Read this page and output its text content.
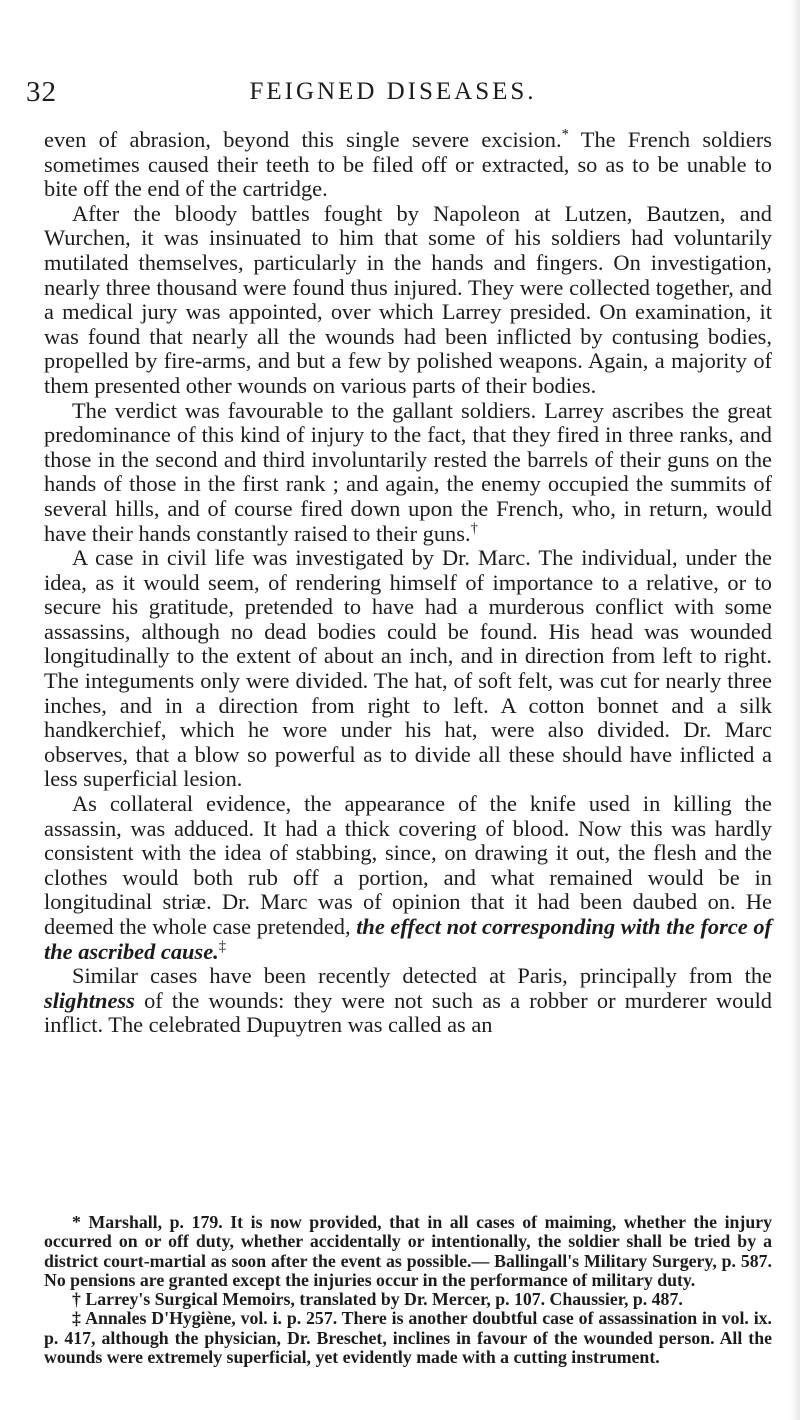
32	FEIGNED DISEASES.

even of abrasion, beyond this single severe excision.* The French soldiers sometimes caused their teeth to be filed off or extracted, so as to be unable to bite off the end of the cartridge.

After the bloody battles fought by Napoleon at Lutzen, Bautzen, and Wurchen, it was insinuated to him that some of his soldiers had voluntarily mutilated themselves, particularly in the hands and fingers. On investigation, nearly three thousand were found thus injured. They were collected together, and a medical jury was appointed, over which Larrey presided. On examination, it was found that nearly all the wounds had been inflicted by contusing bodies, propelled by fire-arms, and but a few by polished weapons. Again, a majority of them presented other wounds on various parts of their bodies.

The verdict was favourable to the gallant soldiers. Larrey ascribes the great predominance of this kind of injury to the fact, that they fired in three ranks, and those in the second and third involuntarily rested the barrels of their guns on the hands of those in the first rank ; and again, the enemy occupied the summits of several hills, and of course fired down upon the French, who, in return, would have their hands constantly raised to their guns.†

A case in civil life was investigated by Dr. Marc. The individual, under the idea, as it would seem, of rendering himself of importance to a relative, or to secure his gratitude, pretended to have had a murderous conflict with some assassins, although no dead bodies could be found. His head was wounded longitudinally to the extent of about an inch, and in direction from left to right. The integuments only were divided. The hat, of soft felt, was cut for nearly three inches, and in a direction from right to left. A cotton bonnet and a silk handkerchief, which he wore under his hat, were also divided. Dr. Marc observes, that a blow so powerful as to divide all these should have inflicted a less superficial lesion.

As collateral evidence, the appearance of the knife used in killing the assassin, was adduced. It had a thick covering of blood. Now this was hardly consistent with the idea of stabbing, since, on drawing it out, the flesh and the clothes would both rub off a portion, and what remained would be in longitudinal striæ. Dr. Marc was of opinion that it had been daubed on. He deemed the whole case pretended, the effect not corresponding with the force of the ascribed cause.‡

Similar cases have been recently detected at Paris, principally from the slightness of the wounds: they were not such as a robber or murderer would inflict. The celebrated Dupuytren was called as an

* Marshall, p. 179. It is now provided, that in all cases of maiming, whether the injury occurred on or off duty, whether accidentally or intentionally, the soldier shall be tried by a district court-martial as soon after the event as possible.— Ballingall's Military Surgery, p. 587. No pensions are granted except the injuries occur in the performance of military duty.

† Larrey's Surgical Memoirs, translated by Dr. Mercer, p. 107. Chaussier, p. 487.

‡ Annales D'Hygiène, vol. i. p. 257. There is another doubtful case of assassination in vol. ix. p. 417, although the physician, Dr. Breschet, inclines in favour of the wounded person. All the wounds were extremely superficial, yet evidently made with a cutting instrument.
